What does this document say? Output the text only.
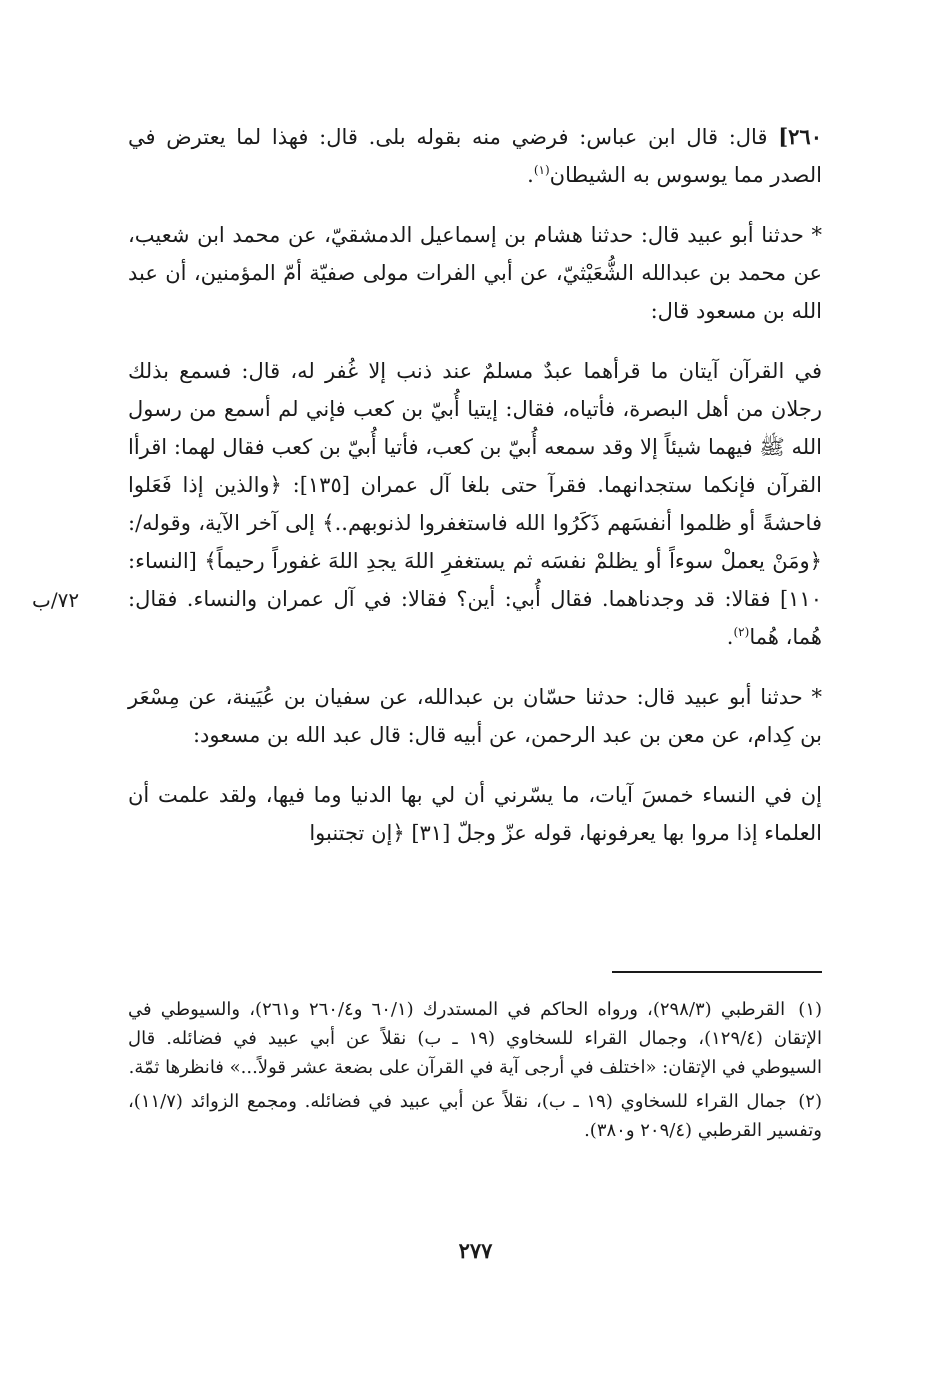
٢٦٠] قال: قال ابن عباس: فرضي منه بقوله بلى. قال: فهذا لما يعترض في الصدر مما يوسوس به الشيطان$^{(١)}$.

* حدثنا أبو عبيد قال: حدثنا هشام بن إسماعيل الدمشقيّ، عن محمد ابن شعيب، عن محمد بن عبدالله الشُّعَيْثيّ، عن أبي الفرات مولى صفيّة أمّ المؤمنين، أن عبد الله بن مسعود قال:

في القرآن آيتان ما قرأهما عبدٌ مسلمٌ عند ذنب إلا غُفر له، قال: فسمع بذلك رجلان من أهل البصرة، فأتياه، فقال: إيتيا أُبيّ بن كعب فإني لم أسمع من رسول الله ﷺ فيهما شيئاً إلا وقد سمعه أُبيّ بن كعب، فأتيا أُبيّ بن كعب فقال لهما: اقرأا القرآن فإنكما ستجدانهما. فقرآ حتى بلغا آل عمران [١٣٥]: ﴿والذين إذا فَعَلوا فاحشةً أو ظلموا أنفسَهم ذَكَرُوا الله فاستغفروا لذنوبهم..﴾ إلى آخر الآية، وقوله/: ﴿ومَنْ يعملْ سوءاً أو يظلمْ نفسَه ثم يستغفرِ اللهَ يجدِ اللهَ غفوراً رحيماً﴾ [النساء: ١١٠] فقالا: قد وجدناهما. فقال أُبي: أين؟ فقالا: في آل عمران والنساء. فقال: هُما، هُما$^{(٢)}$.

* حدثنا أبو عبيد قال: حدثنا حسّان بن عبدالله، عن سفيان بن عُيَينة، عن مِسْعَر بن كِدام، عن معن بن عبد الرحمن، عن أبيه قال: قال عبد الله بن مسعود:

إن في النساء خمسَ آيات، ما يسّرني أن لي بها الدنيا وما فيها، ولقد علمت أن العلماء إذا مروا بها يعرفونها، قوله عزّ وجلّ [٣١] ﴿إن تجتنبوا

٧٢/ب

(١) القرطبي (٢٩٨/٣)، ورواه الحاكم في المستدرك (٦٠/١ و٢٦٠/٤ و٢٦١)، والسيوطي في الإتقان (١٢٩/٤)، وجمال القراء للسخاوي (١٩ ـ ب) نقلاً عن أبي عبيد في فضائله. قال السيوطي في الإتقان: «اختلف في أرجى آية في القرآن على بضعة عشر قولاً...» فانظرها ثمّة.

(٢) جمال القراء للسخاوي (١٩ ـ ب)، نقلاً عن أبي عبيد في فضائله. ومجمع الزوائد (١١/٧)، وتفسير القرطبي (٢٠٩/٤ و٣٨٠).

٢٧٧
